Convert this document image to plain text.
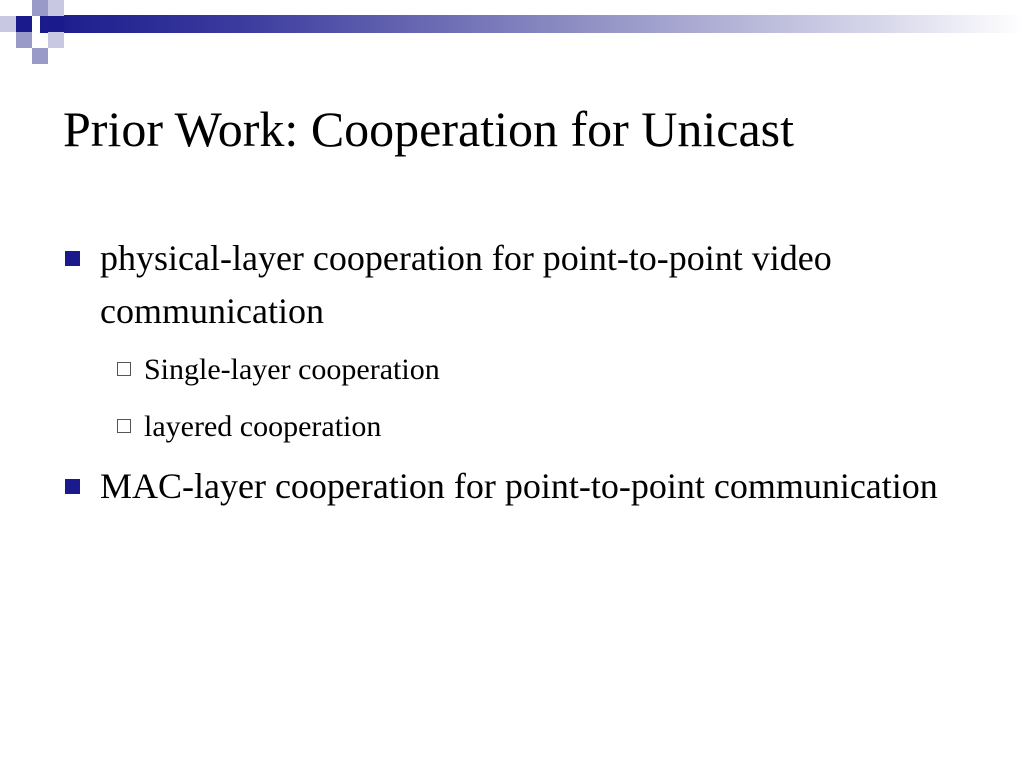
Prior Work: Cooperation for Unicast
physical-layer cooperation for point-to-point video communication
Single-layer cooperation
layered cooperation
MAC-layer cooperation for point-to-point communication
